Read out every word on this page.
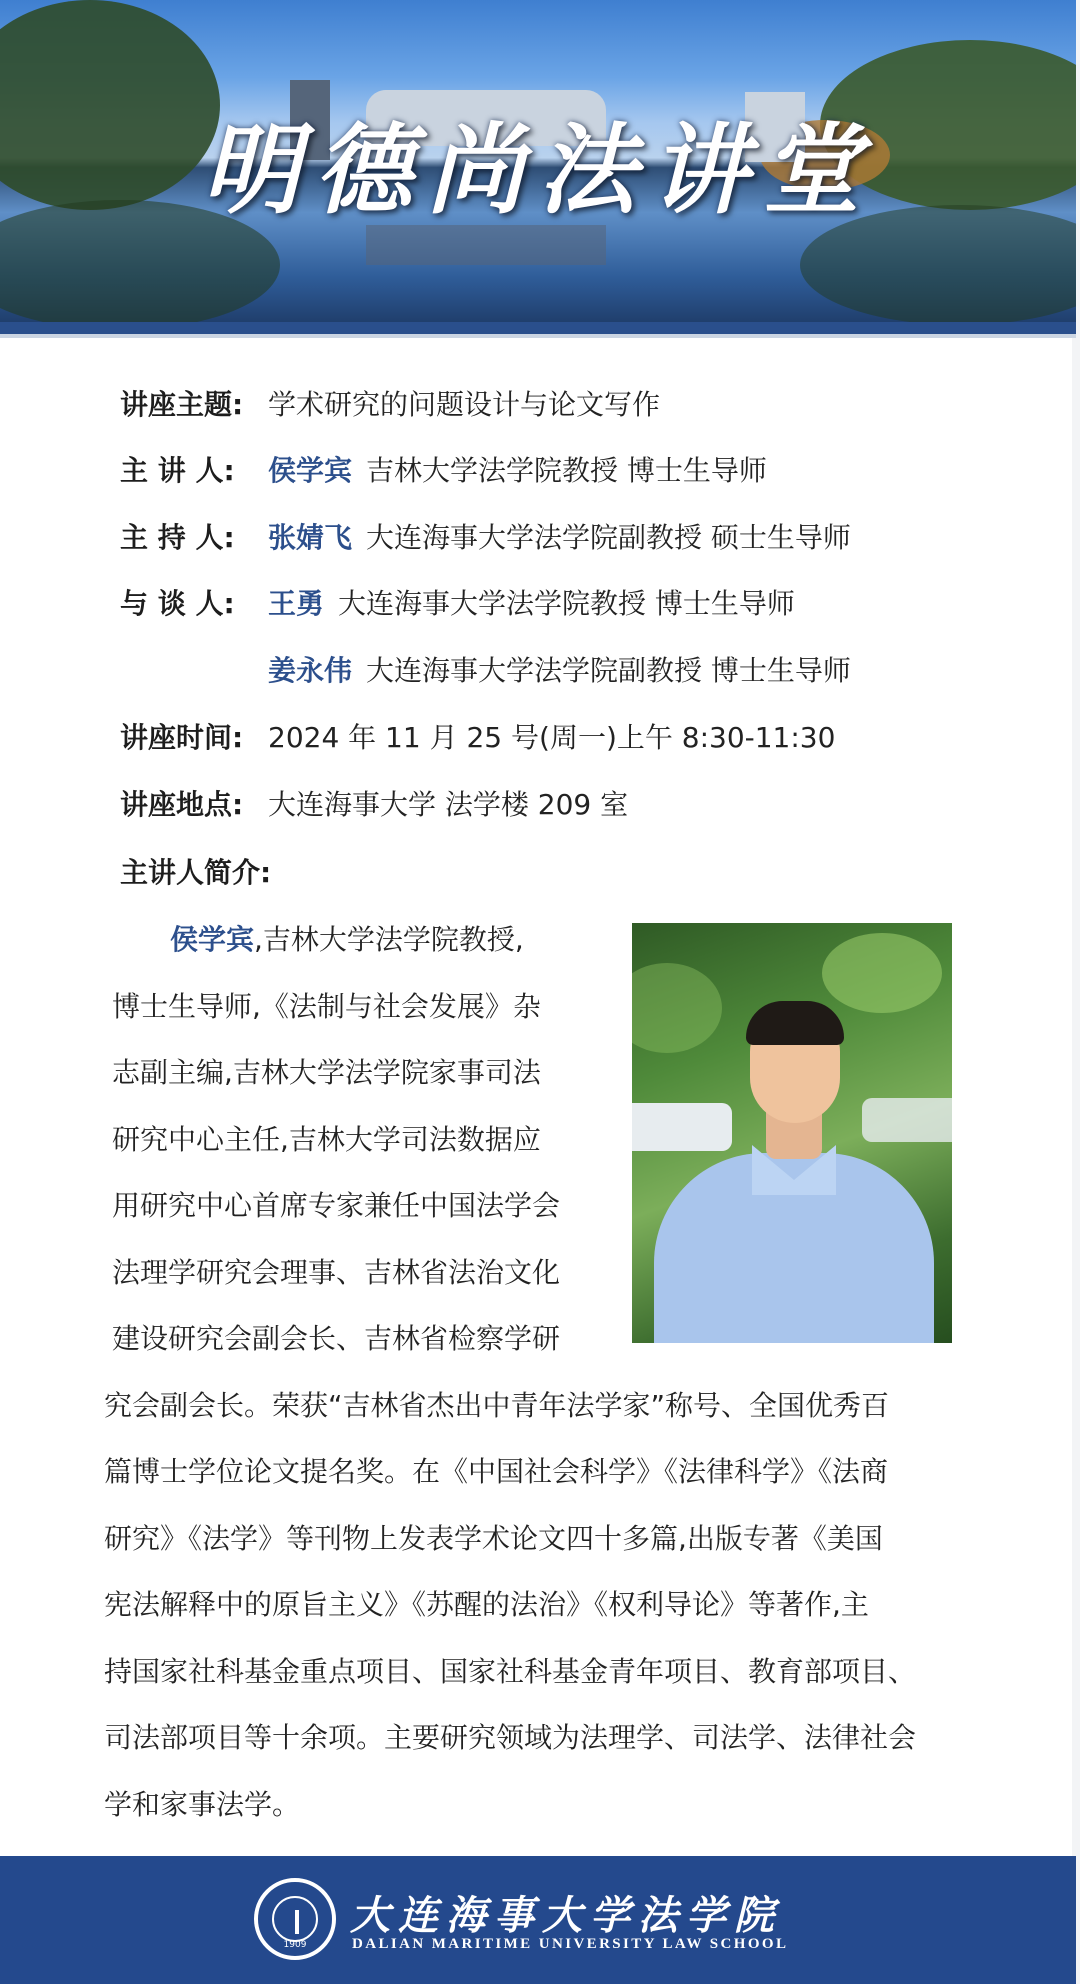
明德尚法讲堂
讲座主题: 学术研究的问题设计与论文写作
主 讲 人: 侯学宾 吉林大学法学院教授 博士生导师
主 持 人: 张婧飞 大连海事大学法学院副教授 硕士生导师
与 谈 人: 王勇 大连海事大学法学院教授 博士生导师
姜永伟 大连海事大学法学院副教授 博士生导师
讲座时间: 2024 年 11 月 25 号(周一)上午 8:30-11:30
讲座地点: 大连海事大学 法学楼 209 室
主讲人简介:
侯学宾,吉林大学法学院教授,
博士生导师,《法制与社会发展》杂
志副主编,吉林大学法学院家事司法
研究中心主任,吉林大学司法数据应
用研究中心首席专家兼任中国法学会
法理学研究会理事、吉林省法治文化
建设研究会副会长、吉林省检察学研
究会副会长。荣获“吉林省杰出中青年法学家”称号、全国优秀百
篇博士学位论文提名奖。在《中国社会科学》《法律科学》《法商
研究》《法学》等刊物上发表学术论文四十多篇,出版专著《美国
宪法解释中的原旨主义》《苏醒的法治》《权利导论》等著作,主
持国家社科基金重点项目、国家社科基金青年项目、教育部项目、
司法部项目等十余项。主要研究领域为法理学、司法学、法律社会
学和家事法学。
1909
大连海事大学法学院
DALIAN MARITIME UNIVERSITY LAW SCHOOL
